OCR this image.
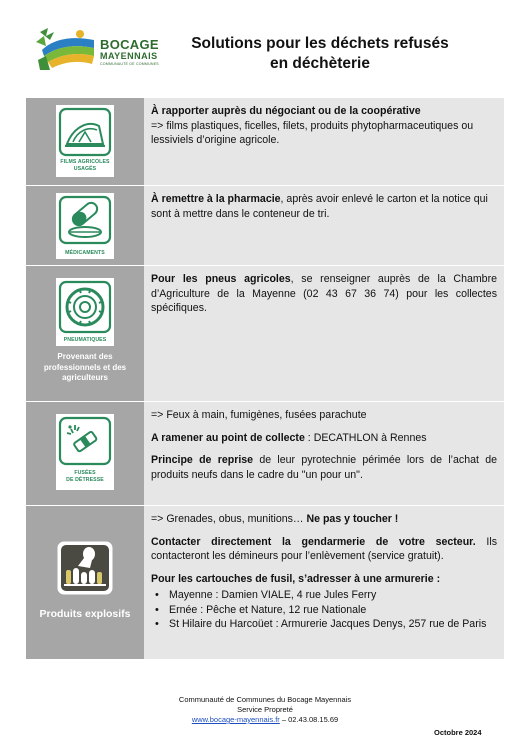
BOCAGE
MAYENNAIS
COMMUNAUTÉ DE COMMUNES
Solutions pour les déchets refusés
en déchèterie
FILMS AGRICOLES
USAGÉS

À rapporter auprès du négociant ou de la coopérative
=> films plastiques, ficelles, filets, produits phytopharmaceutiques ou lessiviels d’origine agricole.

MÉDICAMENTS

À remettre à la pharmacie, après avoir enlevé le carton et la notice qui sont à mettre dans le conteneur de tri.

PNEUMATIQUES
Provenant des professionnels et des agriculteurs

Pour les pneus agricoles, se renseigner auprès de la Chambre d’Agriculture de la Mayenne (02 43 67 36 74) pour les collectes spécifiques.

FUSÉES
DE DÉTRESSE

=> Feux à main, fumigènes, fusées parachute

A ramener au point de collecte : DECATHLON à Rennes

Principe de reprise de leur pyrotechnie périmée lors de l’achat de produits neufs dans le cadre du "un pour un".

Produits explosifs

=> Grenades, obus, munitions… Ne pas y toucher !

Contacter directement la gendarmerie de votre secteur. Ils contacteront les démineurs pour l’enlèvement (service gratuit).

Pour les cartouches de fusil, s’adresser à une armurerie :

• Mayenne : Damien VIALE, 4 rue Jules Ferry
• Ernée : Pêche et Nature, 12 rue Nationale
• St Hilaire du Harcoüet : Armurerie Jacques Denys, 257 rue de Paris
Communauté de Communes du Bocage Mayennais
Service Propreté
www.bocage-mayennais.fr – 02.43.08.15.69
Octobre 2024
